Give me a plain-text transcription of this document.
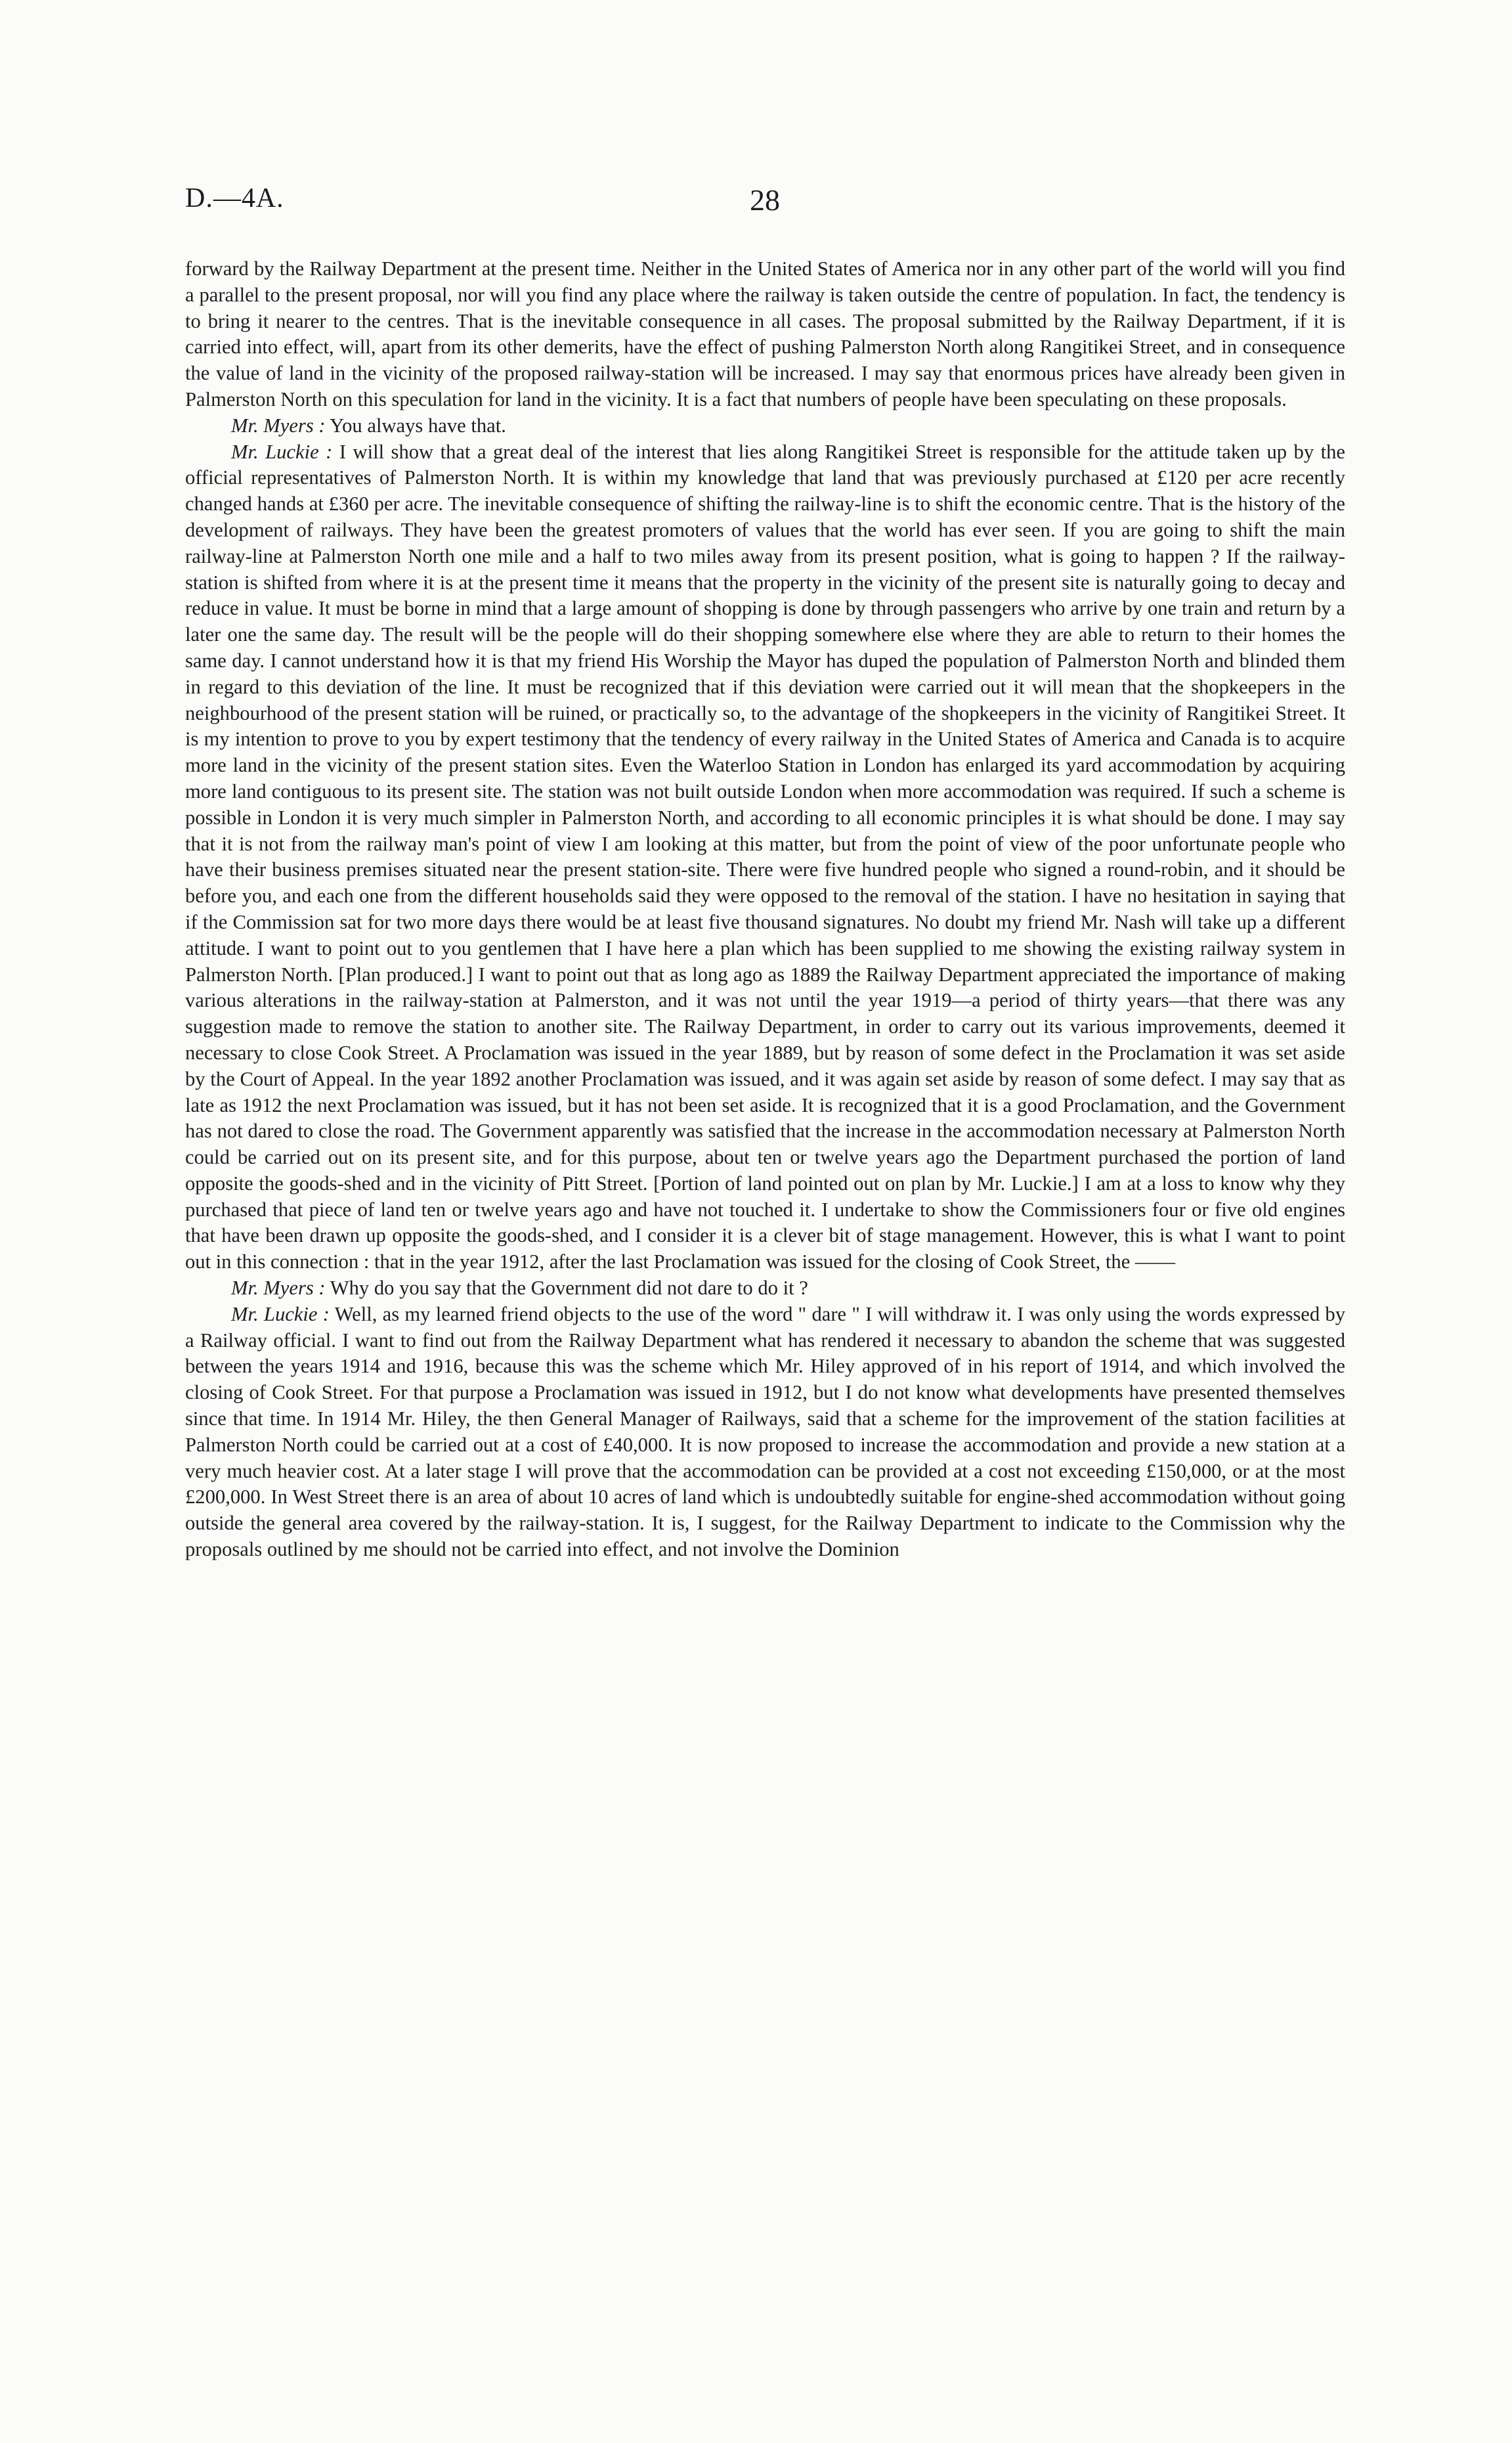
D.—4A.	28

forward by the Railway Department at the present time. Neither in the United States of America nor in any other part of the world will you find a parallel to the present proposal, nor will you find any place where the railway is taken outside the centre of population. In fact, the tendency is to bring it nearer to the centres. That is the inevitable consequence in all cases. The proposal submitted by the Railway Department, if it is carried into effect, will, apart from its other demerits, have the effect of pushing Palmerston North along Rangitikei Street, and in consequence the value of land in the vicinity of the proposed railway-station will be increased. I may say that enormous prices have already been given in Palmerston North on this speculation for land in the vicinity. It is a fact that numbers of people have been speculating on these proposals.

Mr. Myers : You always have that.

Mr. Luckie : I will show that a great deal of the interest that lies along Rangitikei Street is responsible for the attitude taken up by the official representatives of Palmerston North. It is within my knowledge that land that was previously purchased at £120 per acre recently changed hands at £360 per acre. The inevitable consequence of shifting the railway-line is to shift the economic centre. That is the history of the development of railways. They have been the greatest promoters of values that the world has ever seen. If you are going to shift the main railway-line at Palmerston North one mile and a half to two miles away from its present position, what is going to happen ? If the railway-station is shifted from where it is at the present time it means that the property in the vicinity of the present site is naturally going to decay and reduce in value. It must be borne in mind that a large amount of shopping is done by through passengers who arrive by one train and return by a later one the same day. The result will be the people will do their shopping somewhere else where they are able to return to their homes the same day. I cannot understand how it is that my friend His Worship the Mayor has duped the population of Palmerston North and blinded them in regard to this deviation of the line. It must be recognized that if this deviation were carried out it will mean that the shopkeepers in the neighbourhood of the present station will be ruined, or practically so, to the advantage of the shopkeepers in the vicinity of Rangitikei Street. It is my intention to prove to you by expert testimony that the tendency of every railway in the United States of America and Canada is to acquire more land in the vicinity of the present station sites. Even the Waterloo Station in London has enlarged its yard accommodation by acquiring more land contiguous to its present site. The station was not built outside London when more accommodation was required. If such a scheme is possible in London it is very much simpler in Palmerston North, and according to all economic principles it is what should be done. I may say that it is not from the railway man's point of view I am looking at this matter, but from the point of view of the poor unfortunate people who have their business premises situated near the present station-site. There were five hundred people who signed a round-robin, and it should be before you, and each one from the different households said they were opposed to the removal of the station. I have no hesitation in saying that if the Commission sat for two more days there would be at least five thousand signatures. No doubt my friend Mr. Nash will take up a different attitude. I want to point out to you gentlemen that I have here a plan which has been supplied to me showing the existing railway system in Palmerston North. [Plan produced.] I want to point out that as long ago as 1889 the Railway Department appreciated the importance of making various alterations in the railway-station at Palmerston, and it was not until the year 1919—a period of thirty years—that there was any suggestion made to remove the station to another site. The Railway Department, in order to carry out its various improvements, deemed it necessary to close Cook Street. A Proclamation was issued in the year 1889, but by reason of some defect in the Proclamation it was set aside by the Court of Appeal. In the year 1892 another Proclamation was issued, and it was again set aside by reason of some defect. I may say that as late as 1912 the next Proclamation was issued, but it has not been set aside. It is recognized that it is a good Proclamation, and the Government has not dared to close the road. The Government apparently was satisfied that the increase in the accommodation necessary at Palmerston North could be carried out on its present site, and for this purpose, about ten or twelve years ago the Department purchased the portion of land opposite the goods-shed and in the vicinity of Pitt Street. [Portion of land pointed out on plan by Mr. Luckie.] I am at a loss to know why they purchased that piece of land ten or twelve years ago and have not touched it. I undertake to show the Commissioners four or five old engines that have been drawn up opposite the goods-shed, and I consider it is a clever bit of stage management. However, this is what I want to point out in this connection : that in the year 1912, after the last Proclamation was issued for the closing of Cook Street, the ——

Mr. Myers : Why do you say that the Government did not dare to do it ?

Mr. Luckie : Well, as my learned friend objects to the use of the word " dare " I will withdraw it. I was only using the words expressed by a Railway official. I want to find out from the Railway Department what has rendered it necessary to abandon the scheme that was suggested between the years 1914 and 1916, because this was the scheme which Mr. Hiley approved of in his report of 1914, and which involved the closing of Cook Street. For that purpose a Proclamation was issued in 1912, but I do not know what developments have presented themselves since that time. In 1914 Mr. Hiley, the then General Manager of Railways, said that a scheme for the improvement of the station facilities at Palmerston North could be carried out at a cost of £40,000. It is now proposed to increase the accommodation and provide a new station at a very much heavier cost. At a later stage I will prove that the accommodation can be provided at a cost not exceeding £150,000, or at the most £200,000. In West Street there is an area of about 10 acres of land which is undoubtedly suitable for engine-shed accommodation without going outside the general area covered by the railway-station. It is, I suggest, for the Railway Department to indicate to the Commission why the proposals outlined by me should not be carried into effect, and not involve the Dominion
